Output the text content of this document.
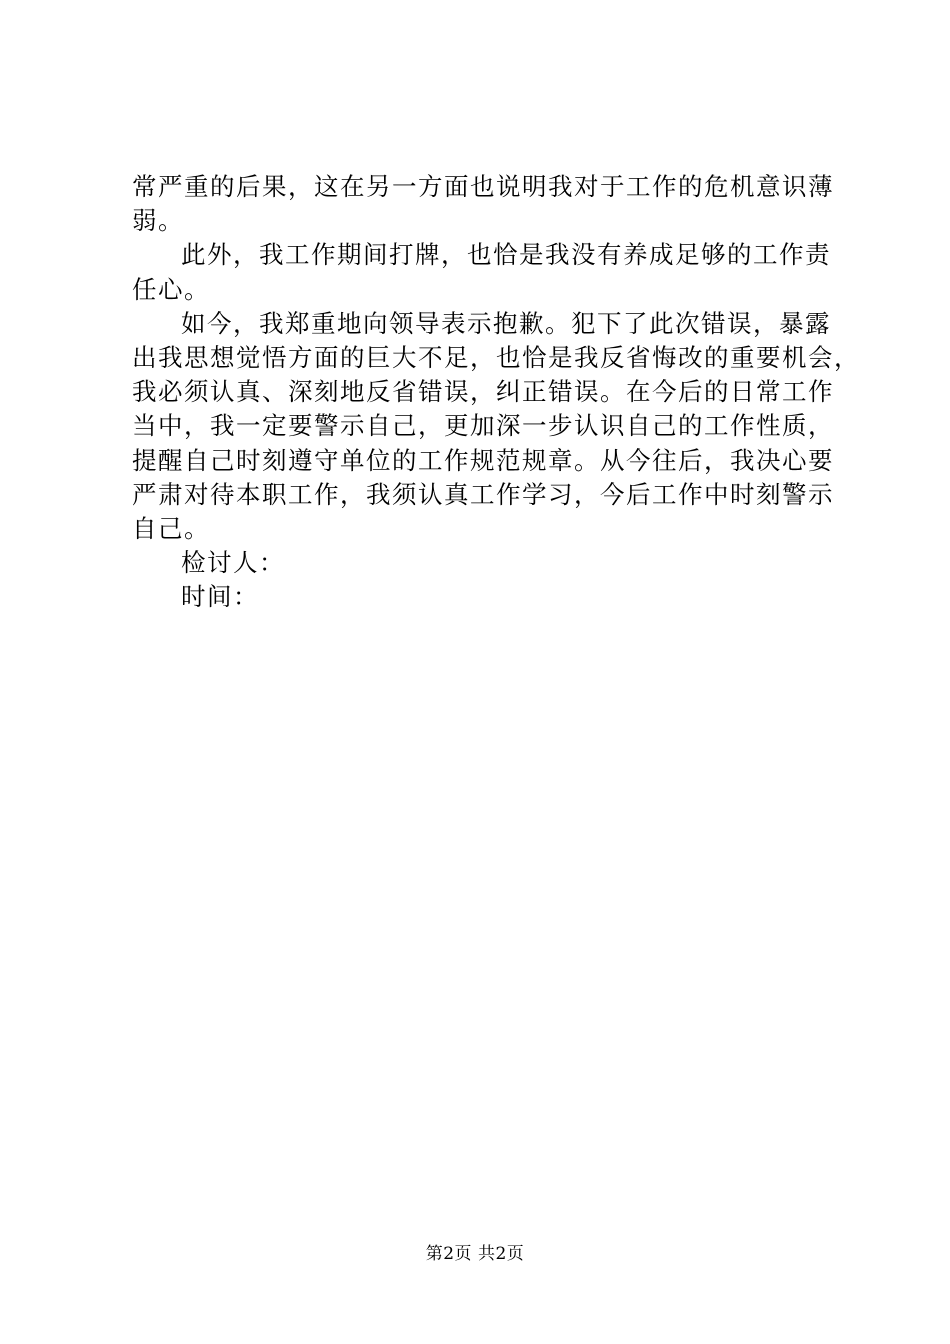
常严重的后果，这在另一方面也说明我对于工作的危机意识薄

弱。

此外，我工作期间打牌，也恰是我没有养成足够的工作责

任心。

如今，我郑重地向领导表示抱歉。犯下了此次错误，暴露

出我思想觉悟方面的巨大不足，也恰是我反省悔改的重要机会，

我必须认真、深刻地反省错误，纠正错误。在今后的日常工作

当中，我一定要警示自己，更加深一步认识自己的工作性质，

提醒自己时刻遵守单位的工作规范规章。从今往后，我决心要

严肃对待本职工作，我须认真工作学习，今后工作中时刻警示

自己。

检讨人：

时间：

第2页 共2页
